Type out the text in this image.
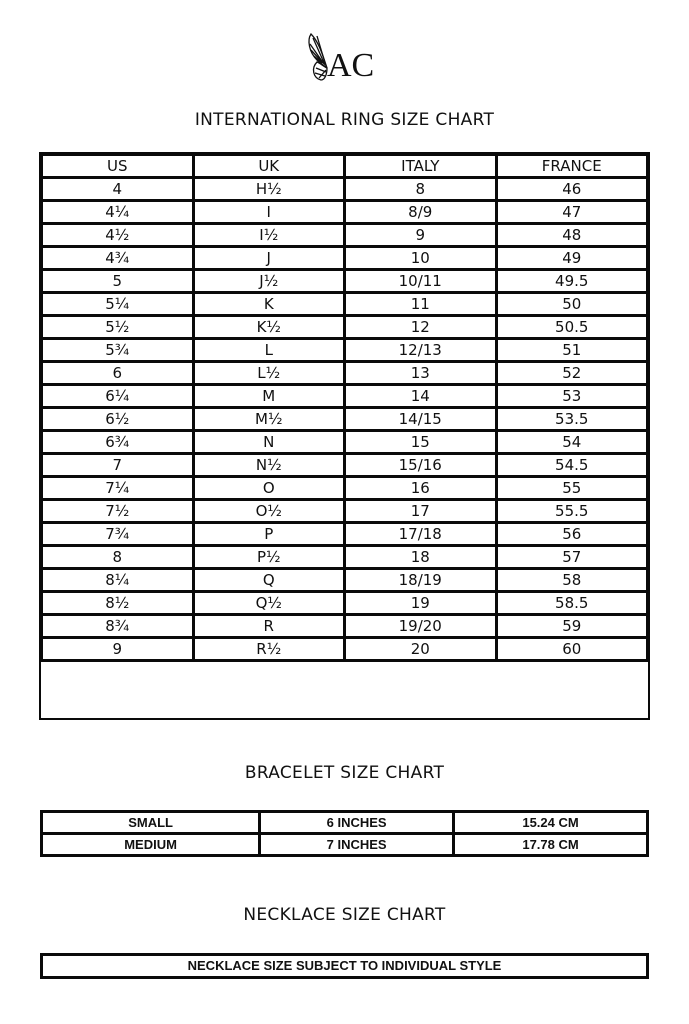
AC
INTERNATIONAL RING SIZE CHART
US	UK	ITALY	FRANCE
4	H½	8	46
4¼	I	8/9	47
4½	I½	9	48
4¾	J	10	49
5	J½	10/11	49.5
5¼	K	11	50
5½	K½	12	50.5
5¾	L	12/13	51
6	L½	13	52
6¼	M	14	53
6½	M½	14/15	53.5
6¾	N	15	54
7	N½	15/16	54.5
7¼	O	16	55
7½	O½	17	55.5
7¾	P	17/18	56
8	P½	18	57
8¼	Q	18/19	58
8½	Q½	19	58.5
8¾	R	19/20	59
9	R½	20	60
BRACELET SIZE CHART
SMALL	6 INCHES	15.24 CM
MEDIUM	7 INCHES	17.78 CM
NECKLACE SIZE CHART
NECKLACE SIZE SUBJECT TO INDIVIDUAL STYLE
